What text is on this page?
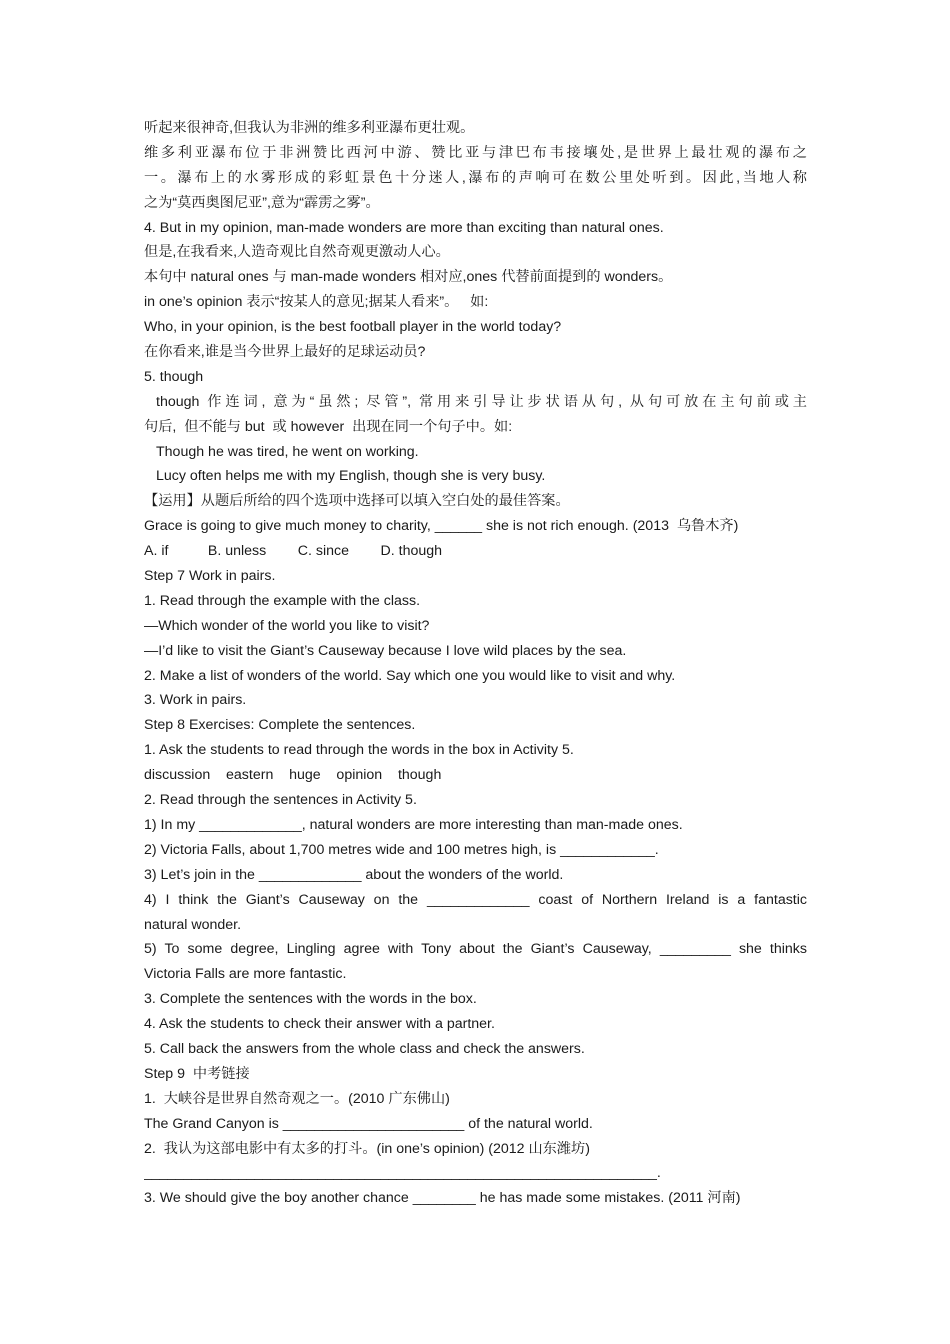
听起来很神奇,但我认为非洲的维多利亚瀑布更壮观。
维多利亚瀑布位于非洲赞比西河中游、赞比亚与津巴布韦接壤处,是世界上最壮观的瀑布之
一。瀑布上的水雾形成的彩虹景色十分迷人,瀑布的声响可在数公里处听到。因此,当地人称
之为“莫西奥图尼亚”,意为“霹雳之雾”。
4. But in my opinion, man-made wonders are more than exciting than natural ones.
但是,在我看来,人造奇观比自然奇观更激动人心。
本句中 natural ones 与 man-made wonders 相对应,ones 代替前面提到的 wonders。
in one’s opinion 表示“按某人的意见;据某人看来”。   如:
Who, in your opinion, is the best football player in the world today?
在你看来,谁是当今世界上最好的足球运动员?
5. though
though 作连词, 意为“虽然; 尽管”, 常用来引导让步状语从句, 从句可放在主句前或主
句后,  但不能与 but  或 however  出现在同一个句子中。如:
Though he was tired, he went on working.
Lucy often helps me with my English, though she is very busy.
【运用】从题后所给的四个选项中选择可以填入空白处的最佳答案。
Grace is going to give much money to charity, ______ she is not rich enough. (2013  乌鲁木齐)
A. if          B. unless        C. since        D. though
Step 7 Work in pairs.
1. Read through the example with the class.
—Which wonder of the world you like to visit?
—I’d like to visit the Giant’s Causeway because I love wild places by the sea.
2. Make a list of wonders of the world. Say which one you would like to visit and why.
3. Work in pairs.
Step 8 Exercises: Complete the sentences.
1. Ask the students to read through the words in the box in Activity 5.
discussion    eastern    huge    opinion    though
2. Read through the sentences in Activity 5.
1) In my _____________, natural wonders are more interesting than man-made ones.
2) Victoria Falls, about 1,700 metres wide and 100 metres high, is ____________.
3) Let’s join in the _____________ about the wonders of the world.
4) I think the Giant’s Causeway on the _____________ coast of Northern Ireland is a fantastic
natural wonder.
5) To some degree, Lingling agree with Tony about the Giant’s Causeway, _________ she thinks
Victoria Falls are more fantastic.
3. Complete the sentences with the words in the box.
4. Ask the students to check their answer with a partner.
5. Call back the answers from the whole class and check the answers.
Step 9  中考链接
1.  大峡谷是世界自然奇观之一。(2010 广东佛山)
The Grand Canyon is _______________________ of the natural world.
2.  我认为这部电影中有太多的打斗。(in one’s opinion) (2012 山东潍坊)
_________________________________________________________________.
3. We should give the boy another chance ________ he has made some mistakes. (2011 河南)
